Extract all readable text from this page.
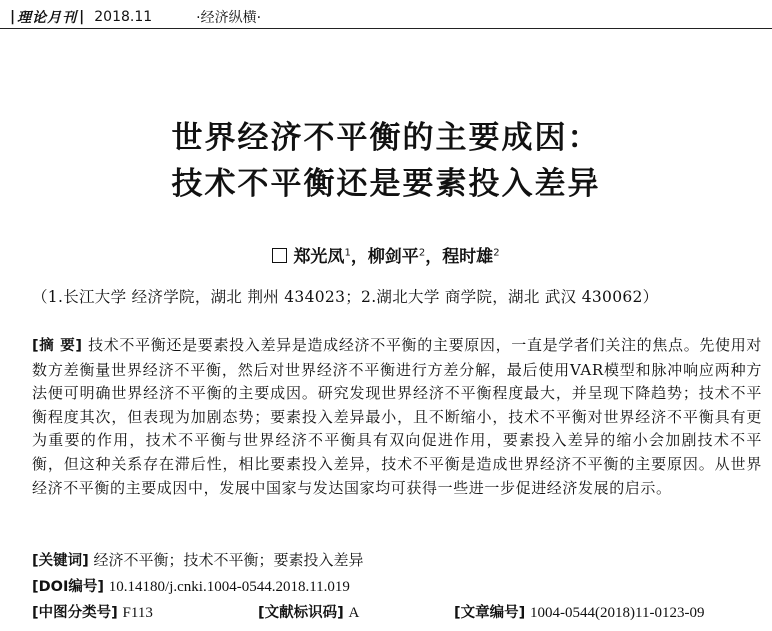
| 理论月刊 | 2018.11	·经济纵横·
世界经济不平衡的主要成因：
技术不平衡还是要素投入差异
郑光凤$^1$，柳剑平$^2$，程时雄$^2$
（1.长江大学 经济学院，湖北 荆州 434023；2.湖北大学 商学院，湖北 武汉 430062）
[摘 要] 技术不平衡还是要素投入差异是造成经济不平衡的主要原因，一直是学者们关注的焦点。先使用对数方差衡量世界经济不平衡，然后对世界经济不平衡进行方差分解，最后使用VAR模型和脉冲响应两种方法便可明确世界经济不平衡的主要成因。研究发现世界经济不平衡程度最大，并呈现下降趋势；技术不平衡程度其次，但表现为加剧态势；要素投入差异最小，且不断缩小，技术不平衡对世界经济不平衡具有更为重要的作用，技术不平衡与世界经济不平衡具有双向促进作用，要素投入差异的缩小会加剧技术不平衡，但这种关系存在滞后性，相比要素投入差异，技术不平衡是造成世界经济不平衡的主要原因。从世界经济不平衡的主要成因中，发展中国家与发达国家均可获得一些进一步促进经济发展的启示。
[关键词] 经济不平衡；技术不平衡；要素投入差异
[DOI编号] 10.14180/j.cnki.1004-0544.2018.11.019
[中图分类号] F113	[文献标识码] A	[文章编号] 1004-0544(2018)11-0123-09
